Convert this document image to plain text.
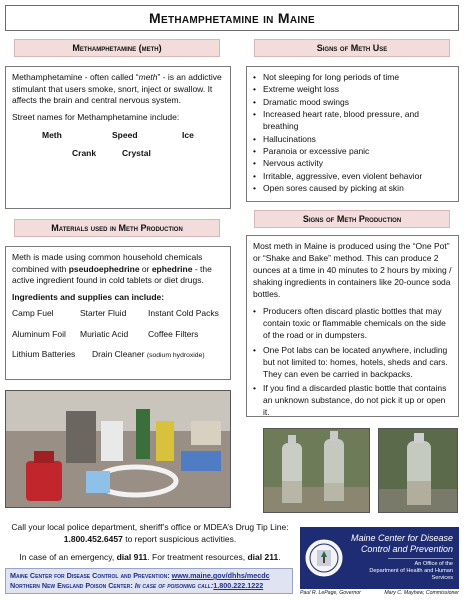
Methamphetamine in Maine
Methamphetamine (meth)

Methamphetamine - often called “meth” - is an addictive stimulant that users smoke, snort, inject or swallow. It affects the brain and central nervous system.

Street names for Methamphetamine include:

Meth	Speed	Ice
Crank	Crystal
Signs of Meth Use
• Not sleeping for long periods of time
• Extreme weight loss
• Dramatic mood swings
• Increased heart rate, blood pressure, and breathing
• Hallucinations
• Paranoia or excessive panic
• Nervous activity
• Irritable, aggressive, even violent behavior
• Open sores caused by picking at skin
Materials used in Meth Production

Meth is made using common household chemicals combined with pseudoephedrine or ephedrine - the active ingredient found in cold tablets or diet drugs.

Ingredients and supplies can include:

Camp Fuel	Starter Fluid	Instant Cold Packs
Aluminum Foil	Muriatic Acid	Coffee Filters
Lithium Batteries	Drain Cleaner (sodium hydroxide)
Signs of Meth Production

Most meth in Maine is produced using the “One Pot” or “Shake and Bake” method. This can produce 2 ounces at a time in 40 minutes to 2 hours by mixing / shaking ingredients in containers like 20-ounce soda bottles.

• Producers often discard plastic bottles that may contain toxic or flammable chemicals on the side of the road or in dumpsters.
• One Pot labs can be located anywhere, including but not limited to: homes, hotels, sheds and cars. They can even be carried in backpacks.
• If you find a discarded plastic bottle that contains an unknown substance, do not pick it up or open it.
Call your local police department, sheriff’s office or MDEA’s Drug Tip Line:
1.800.452.6457 to report suspicious activities.
In case of an emergency, dial 911. For treatment resources, dial 211.
Maine Center for Disease Control and Prevention: www.maine.gov/dhhs/mecdc
Northern New England Poison Center: In case of poisoning call:1.800.222.1222
Maine Center for Disease
Control and Prevention
An Office of the
Department of Health and Human Services
Paul R. LePage, Governor	Mary C. Mayhew, Commissioner
